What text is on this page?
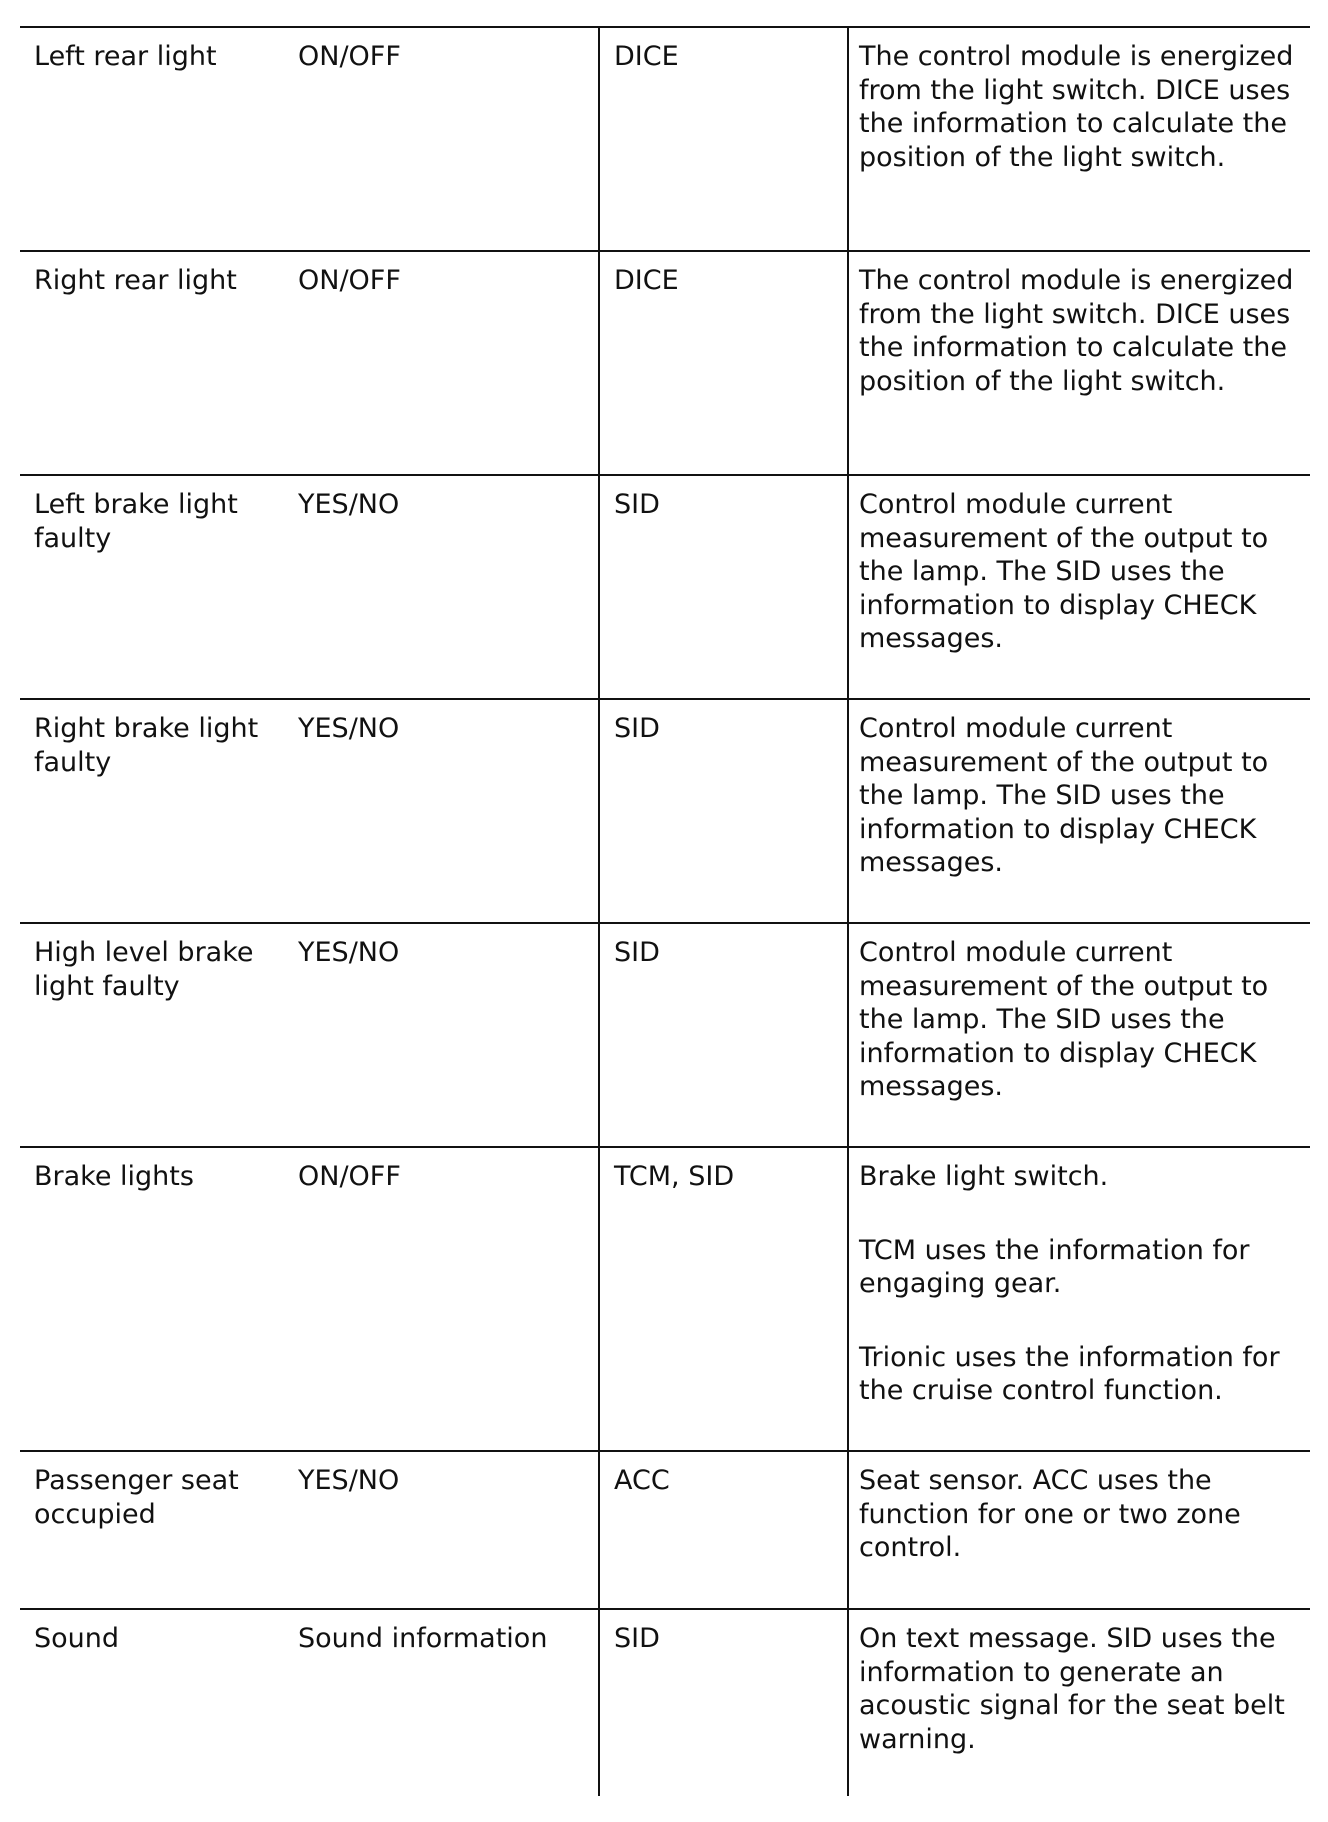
Left rear light	ON/OFF	DICE	The control module is energized from the light switch. DICE uses the information to calculate the position of the light switch.

Right rear light	ON/OFF	DICE	The control module is energized from the light switch. DICE uses the information to calculate the position of the light switch.

Left brake light faulty	YES/NO	SID	Control module current measurement of the output to the lamp. The SID uses the information to display CHECK messages.

Right brake light faulty	YES/NO	SID	Control module current measurement of the output to the lamp. The SID uses the information to display CHECK messages.

High level brake light faulty	YES/NO	SID	Control module current measurement of the output to the lamp. The SID uses the information to display CHECK messages.

Brake lights	ON/OFF	TCM, SID	Brake light switch.
TCM uses the information for engaging gear.
Trionic uses the information for the cruise control function.

Passenger seat occupied	YES/NO	ACC	Seat sensor. ACC uses the function for one or two zone control.

Sound	Sound information	SID	On text message. SID uses the information to generate an acoustic signal for the seat belt warning.
